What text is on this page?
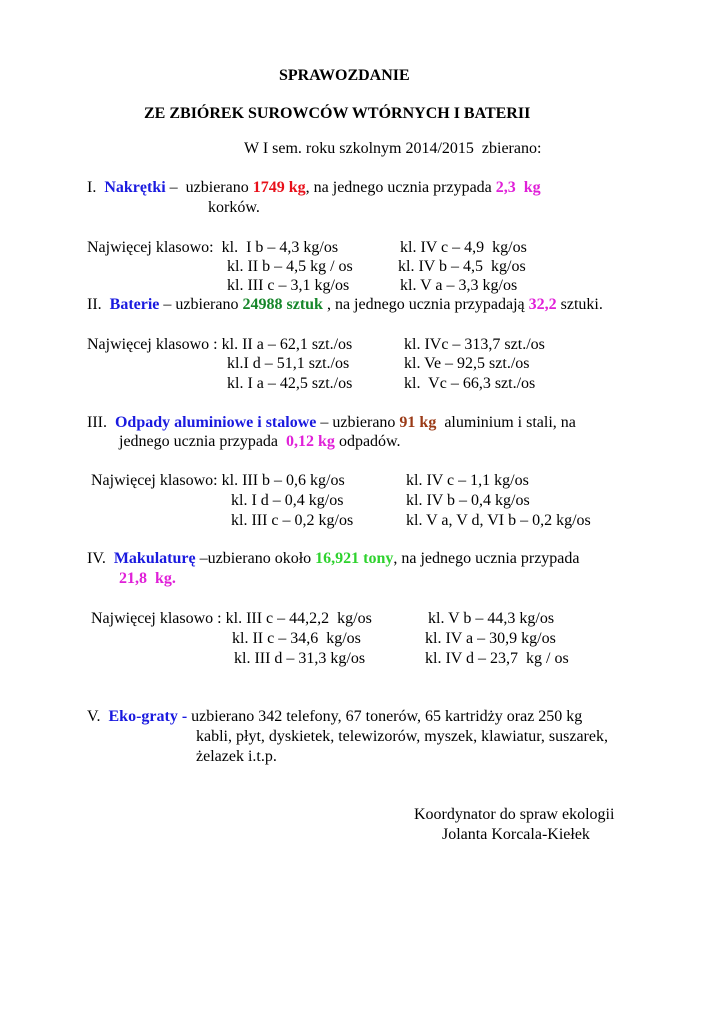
SPRAWOZDANIE
ZE ZBIÓREK SUROWCÓW WTÓRNYCH I BATERII
W I sem. roku szkolnym 2014/2015  zbierano:
I. Nakrętki –  uzbierano 1749 kg, na jednego ucznia przypada 2,3  kg
korków.
Najwięcej klasowo:  kl.  I b – 4,3 kg/os	kl. IV c – 4,9  kg/os
kl. II b – 4,5 kg / os	kl. IV b – 4,5  kg/os
kl. III c – 3,1 kg/os	kl. V a – 3,3 kg/os
II. Baterie – uzbierano 24988 sztuk , na jednego ucznia przypadają 32,2 sztuki.
Najwięcej klasowo : kl. II a – 62,1 szt./os	kl. IVc – 313,7 szt./os
kl.I d – 51,1 szt./os	kl. Ve – 92,5 szt./os
kl. I a – 42,5 szt./os	kl.  Vc – 66,3 szt./os
III. Odpady aluminiowe i stalowe – uzbierano 91 kg  aluminium i stali, na
jednego ucznia przypada  0,12 kg odpadów.
Najwięcej klasowo: kl. III b – 0,6 kg/os	kl. IV c – 1,1 kg/os
kl. I d – 0,4 kg/os	kl. IV b – 0,4 kg/os
kl. III c – 0,2 kg/os	kl. V a, V d, VI b – 0,2 kg/os
IV. Makulaturę –uzbierano około 16,921 tony, na jednego ucznia przypada
21,8  kg.
Najwięcej klasowo : kl. III c – 44,2,2  kg/os	kl. V b – 44,3 kg/os
kl. II c – 34,6  kg/os	kl. IV a – 30,9 kg/os
kl. III d – 31,3 kg/os	kl. IV d – 23,7  kg / os
V. Eko-graty - uzbierano 342 telefony, 67 tonerów, 65 kartridży oraz 250 kg
kabli, płyt, dyskietek, telewizorów, myszek, klawiatur, suszarek,
żelazek i.t.p.
Koordynator do spraw ekologii
Jolanta Korcala-Kiełek
